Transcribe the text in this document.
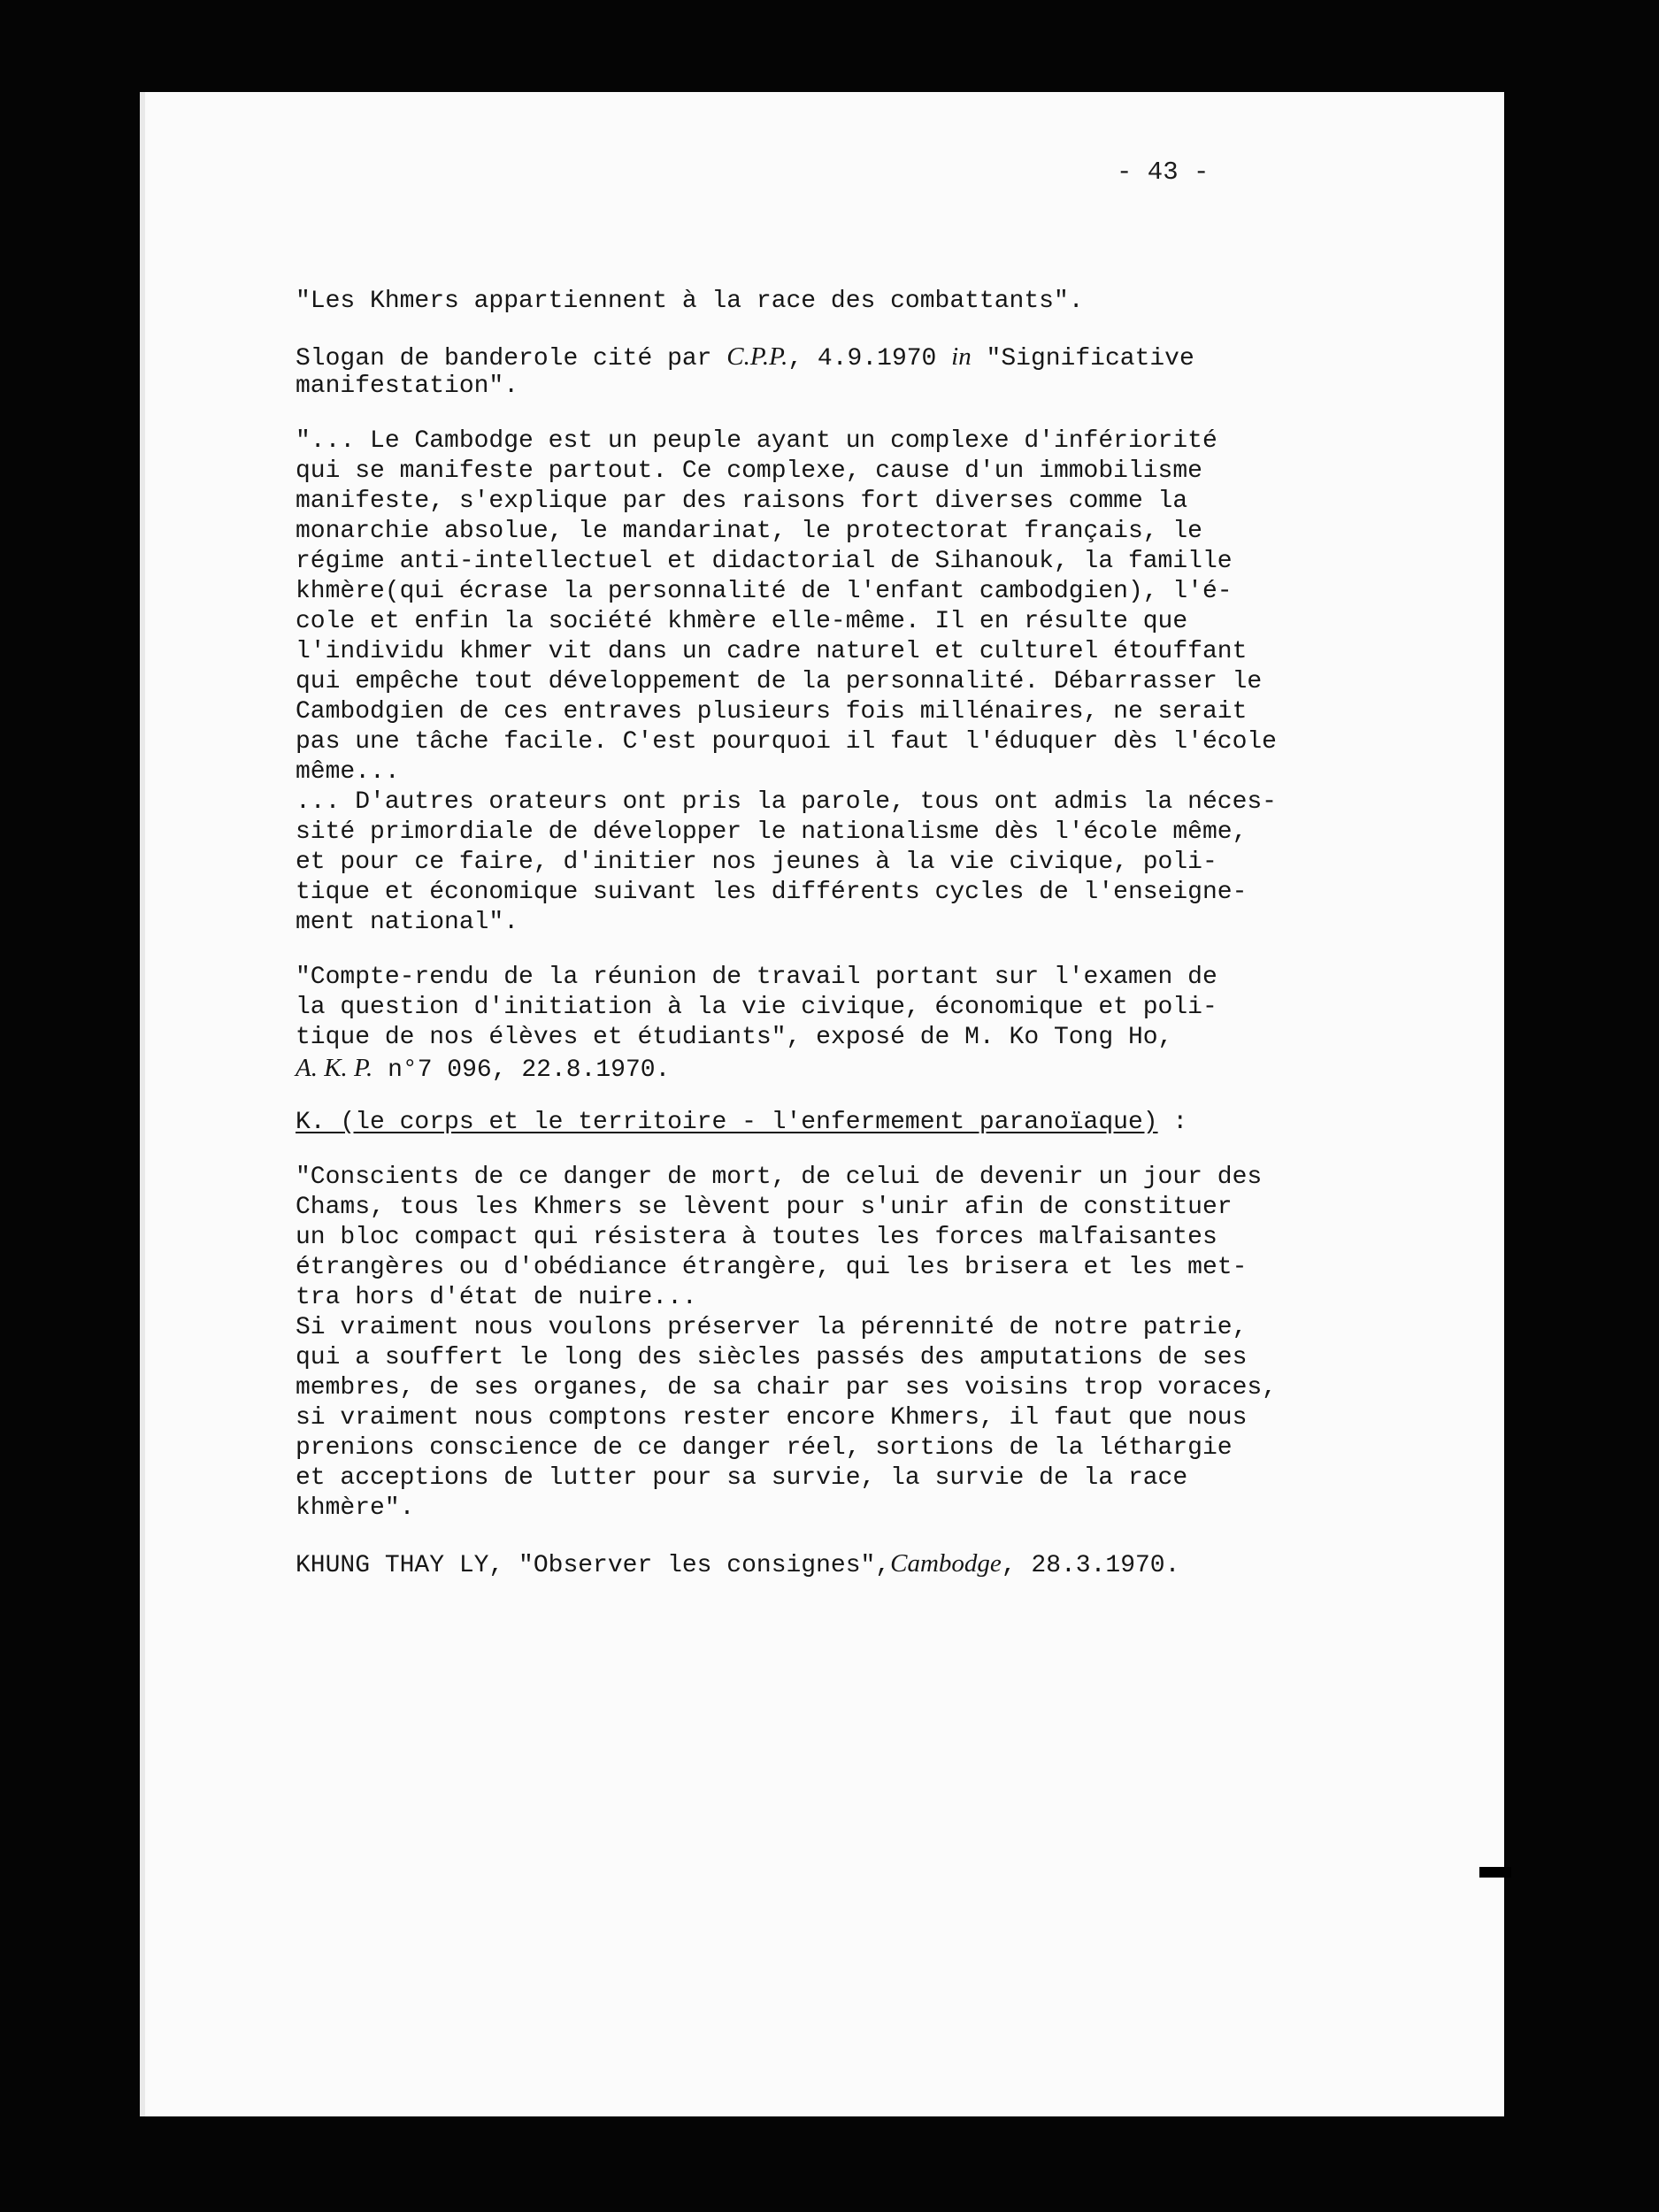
- 43 -
"Les Khmers appartiennent à la race des combattants".
Slogan de banderole cité par C.P.P., 4.9.1970 in "Significative
manifestation".
"... Le Cambodge est un peuple ayant un complexe d'infériorité
qui se manifeste partout. Ce complexe, cause d'un immobilisme
manifeste, s'explique par des raisons fort diverses comme la
monarchie absolue, le mandarinat, le protectorat français, le
régime anti-intellectuel et didactorial de Sihanouk, la famille
khmère(qui écrase la personnalité de l'enfant cambodgien), l'é-
cole et enfin la société khmère elle-même. Il en résulte que
l'individu khmer vit dans un cadre naturel et culturel étouffant
qui empêche tout développement de la personnalité. Débarrasser le
Cambodgien de ces entraves plusieurs fois millénaires, ne serait
pas une tâche facile. C'est pourquoi il faut l'éduquer dès l'école
même...
... D'autres orateurs ont pris la parole, tous ont admis la néces-
sité primordiale de développer le nationalisme dès l'école même,
et pour ce faire, d'initier nos jeunes à la vie civique, poli-
tique et économique suivant les différents cycles de l'enseigne-
ment national".
"Compte-rendu de la réunion de travail portant sur l'examen de
la question d'initiation à la vie civique, économique et poli-
tique de nos élèves et étudiants", exposé de M. Ko Tong Ho,
A. K. P. n°7 096, 22.8.1970.
K. (le corps et le territoire - l'enfermement paranoïaque) :
"Conscients de ce danger de mort, de celui de devenir un jour des
Chams, tous les Khmers se lèvent pour s'unir afin de constituer
un bloc compact qui résistera à toutes les forces malfaisantes
étrangères ou d'obédiance étrangère, qui les brisera et les met-
tra hors d'état de nuire...
Si vraiment nous voulons préserver la pérennité de notre patrie,
qui a souffert le long des siècles passés des amputations de ses
membres, de ses organes, de sa chair par ses voisins trop voraces,
si vraiment nous comptons rester encore Khmers, il faut que nous
prenions conscience de ce danger réel, sortions de la léthargie
et acceptions de lutter pour sa survie, la survie de la race
khmère".
KHUNG THAY LY, "Observer les consignes",Cambodge, 28.3.1970.
